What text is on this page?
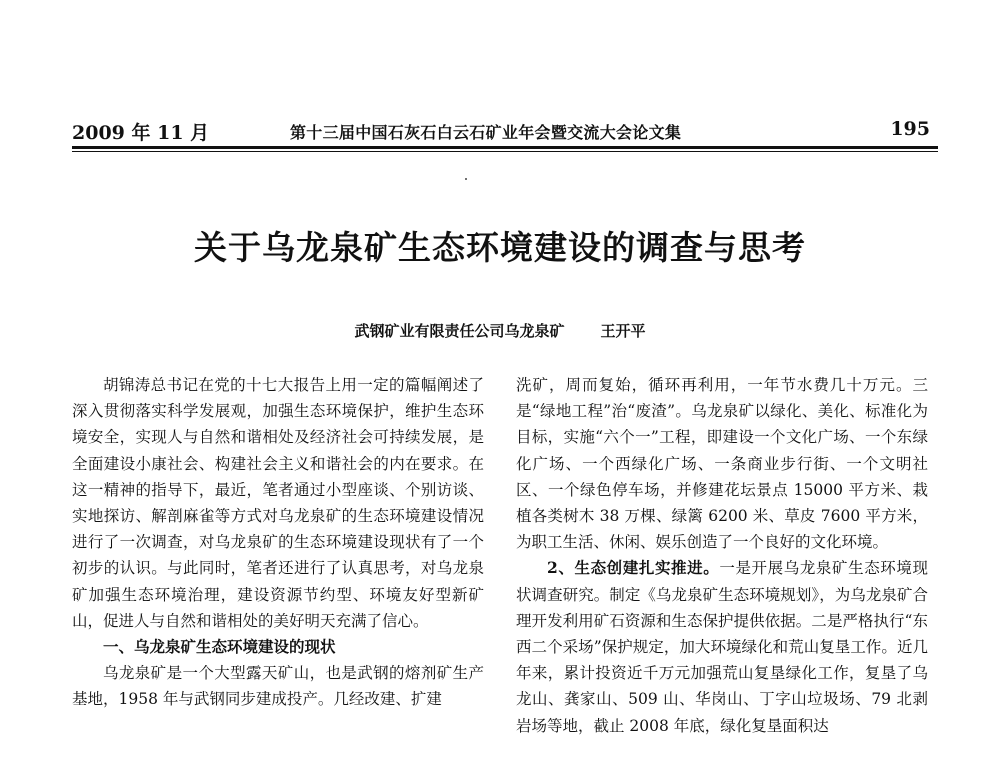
2009 年 11 月	第十三届中国石灰石白云石矿业年会暨交流大会论文集	195
关于乌龙泉矿生态环境建设的调查与思考
武钢矿业有限责任公司乌龙泉矿 王开平

胡锦涛总书记在党的十七大报告上用一定的篇幅阐述了深入贯彻落实科学发展观，加强生态环境保护，维护生态环境安全，实现人与自然和谐相处及经济社会可持续发展，是全面建设小康社会、构建社会主义和谐社会的内在要求。在这一精神的指导下，最近，笔者通过小型座谈、个别访谈、实地探访、解剖麻雀等方式对乌龙泉矿的生态环境建设情况进行了一次调查，对乌龙泉矿的生态环境建设现状有了一个初步的认识。与此同时，笔者还进行了认真思考，对乌龙泉矿加强生态环境治理，建设资源节约型、环境友好型新矿山，促进人与自然和谐相处的美好明天充满了信心。

一、乌龙泉矿生态环境建设的现状

乌龙泉矿是一个大型露天矿山，也是武钢的熔剂矿生产基地，1958 年与武钢同步建成投产。几经改建、扩建

洗矿，周而复始，循环再利用，一年节水费几十万元。三是“绿地工程”治“废渣”。乌龙泉矿以绿化、美化、标准化为目标，实施“六个一”工程，即建设一个文化广场、一个东绿化广场、一个西绿化广场、一条商业步行街、一个文明社区、一个绿色停车场，并修建花坛景点 15000 平方米、栽植各类树木 38 万棵、绿篱 6200 米、草皮 7600 平方米，为职工生活、休闲、娱乐创造了一个良好的文化环境。

2、生态创建扎实推进。一是开展乌龙泉矿生态环境现状调查研究。制定《乌龙泉矿生态环境规划》，为乌龙泉矿合理开发利用矿石资源和生态保护提供依据。二是严格执行“东西二个采场”保护规定，加大环境绿化和荒山复垦工作。近几年来，累计投资近千万元加强荒山复垦绿化工作，复垦了乌龙山、龚家山、509 山、华岗山、丁字山垃圾场、79 北剥岩场等地，截止 2008 年底，绿化复垦面积达
